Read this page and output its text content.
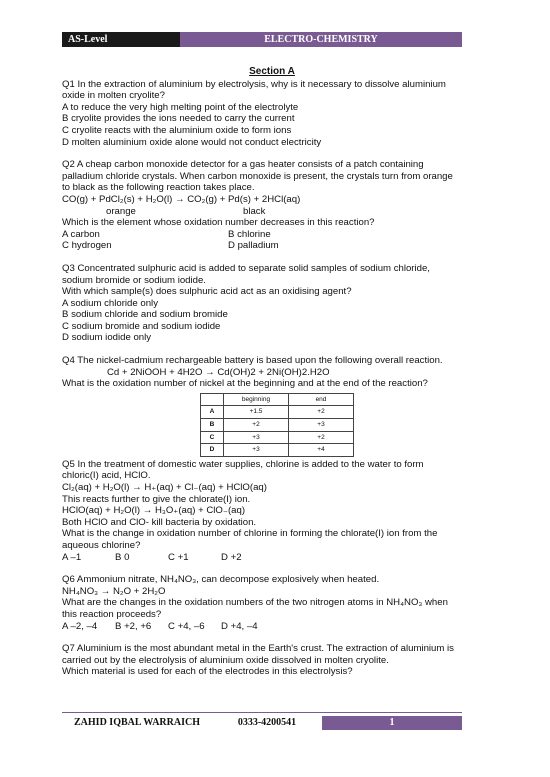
AS-Level	ELECTRO-CHEMISTRY
Section A

Q1 In the extraction of aluminium by electrolysis, why is it necessary to dissolve aluminium

oxide in molten cryolite?

A to reduce the very high melting point of the electrolyte

B cryolite provides the ions needed to carry the current

C cryolite reacts with the aluminium oxide to form ions

D molten aluminium oxide alone would not conduct electricity

Q2 A cheap carbon monoxide detector for a gas heater consists of a patch containing

palladium chloride crystals. When carbon monoxide is present, the crystals turn from orange

to black as the following reaction takes place.

CO(g) + PdCl₂(s) + H₂O(l) → CO₂(g) + Pd(s) + 2HCl(aq)

orange	black

Which is the element whose oxidation number decreases in this reaction?

A carbon	B chlorine
C hydrogen	D palladium

Q3 Concentrated sulphuric acid is added to separate solid samples of sodium chloride,

sodium bromide or sodium iodide.

With which sample(s) does sulphuric acid act as an oxidising agent?

A sodium chloride only

B sodium chloride and sodium bromide

C sodium bromide and sodium iodide

D sodium iodide only

Q4 The nickel-cadmium rechargeable battery is based upon the following overall reaction.

Cd + 2NiOOH + 4H2O → Cd(OH)2 + 2Ni(OH)2.H2O

What is the oxidation number of nickel at the beginning and at the end of the reaction?

	beginning	end
A	+1.5	+2
B	+2	+3
C	+3	+2
D	+3	+4

Q5 In the treatment of domestic water supplies, chlorine is added to the water to form

chloric(I) acid, HClO.

Cl₂(aq) + H₂O(l) → H₊(aq) + Cl₋(aq) + HClO(aq)

This reacts further to give the chlorate(I) ion.

HClO(aq) + H₂O(l) → H₃O₊(aq) + ClO₋(aq)

Both HClO and ClO- kill bacteria by oxidation.

What is the change in oxidation number of chlorine in forming the chlorate(I) ion from the

aqueous chlorine?

A –1	B 0	C +1	D +2

Q6 Ammonium nitrate, NH₄NO₃, can decompose explosively when heated.

NH₄NO₃ → N₂O + 2H₂O

What are the changes in the oxidation numbers of the two nitrogen atoms in NH₄NO₃ when

this reaction proceeds?

A –2, –4	B +2, +6	C +4, –6	D +4, –4

Q7 Aluminium is the most abundant metal in the Earth's crust. The extraction of aluminium is

carried out by the electrolysis of aluminium oxide dissolved in molten cryolite.

Which material is used for each of the electrodes in this electrolysis?

ZAHID IQBAL WARRAICH	0333-4200541	1
